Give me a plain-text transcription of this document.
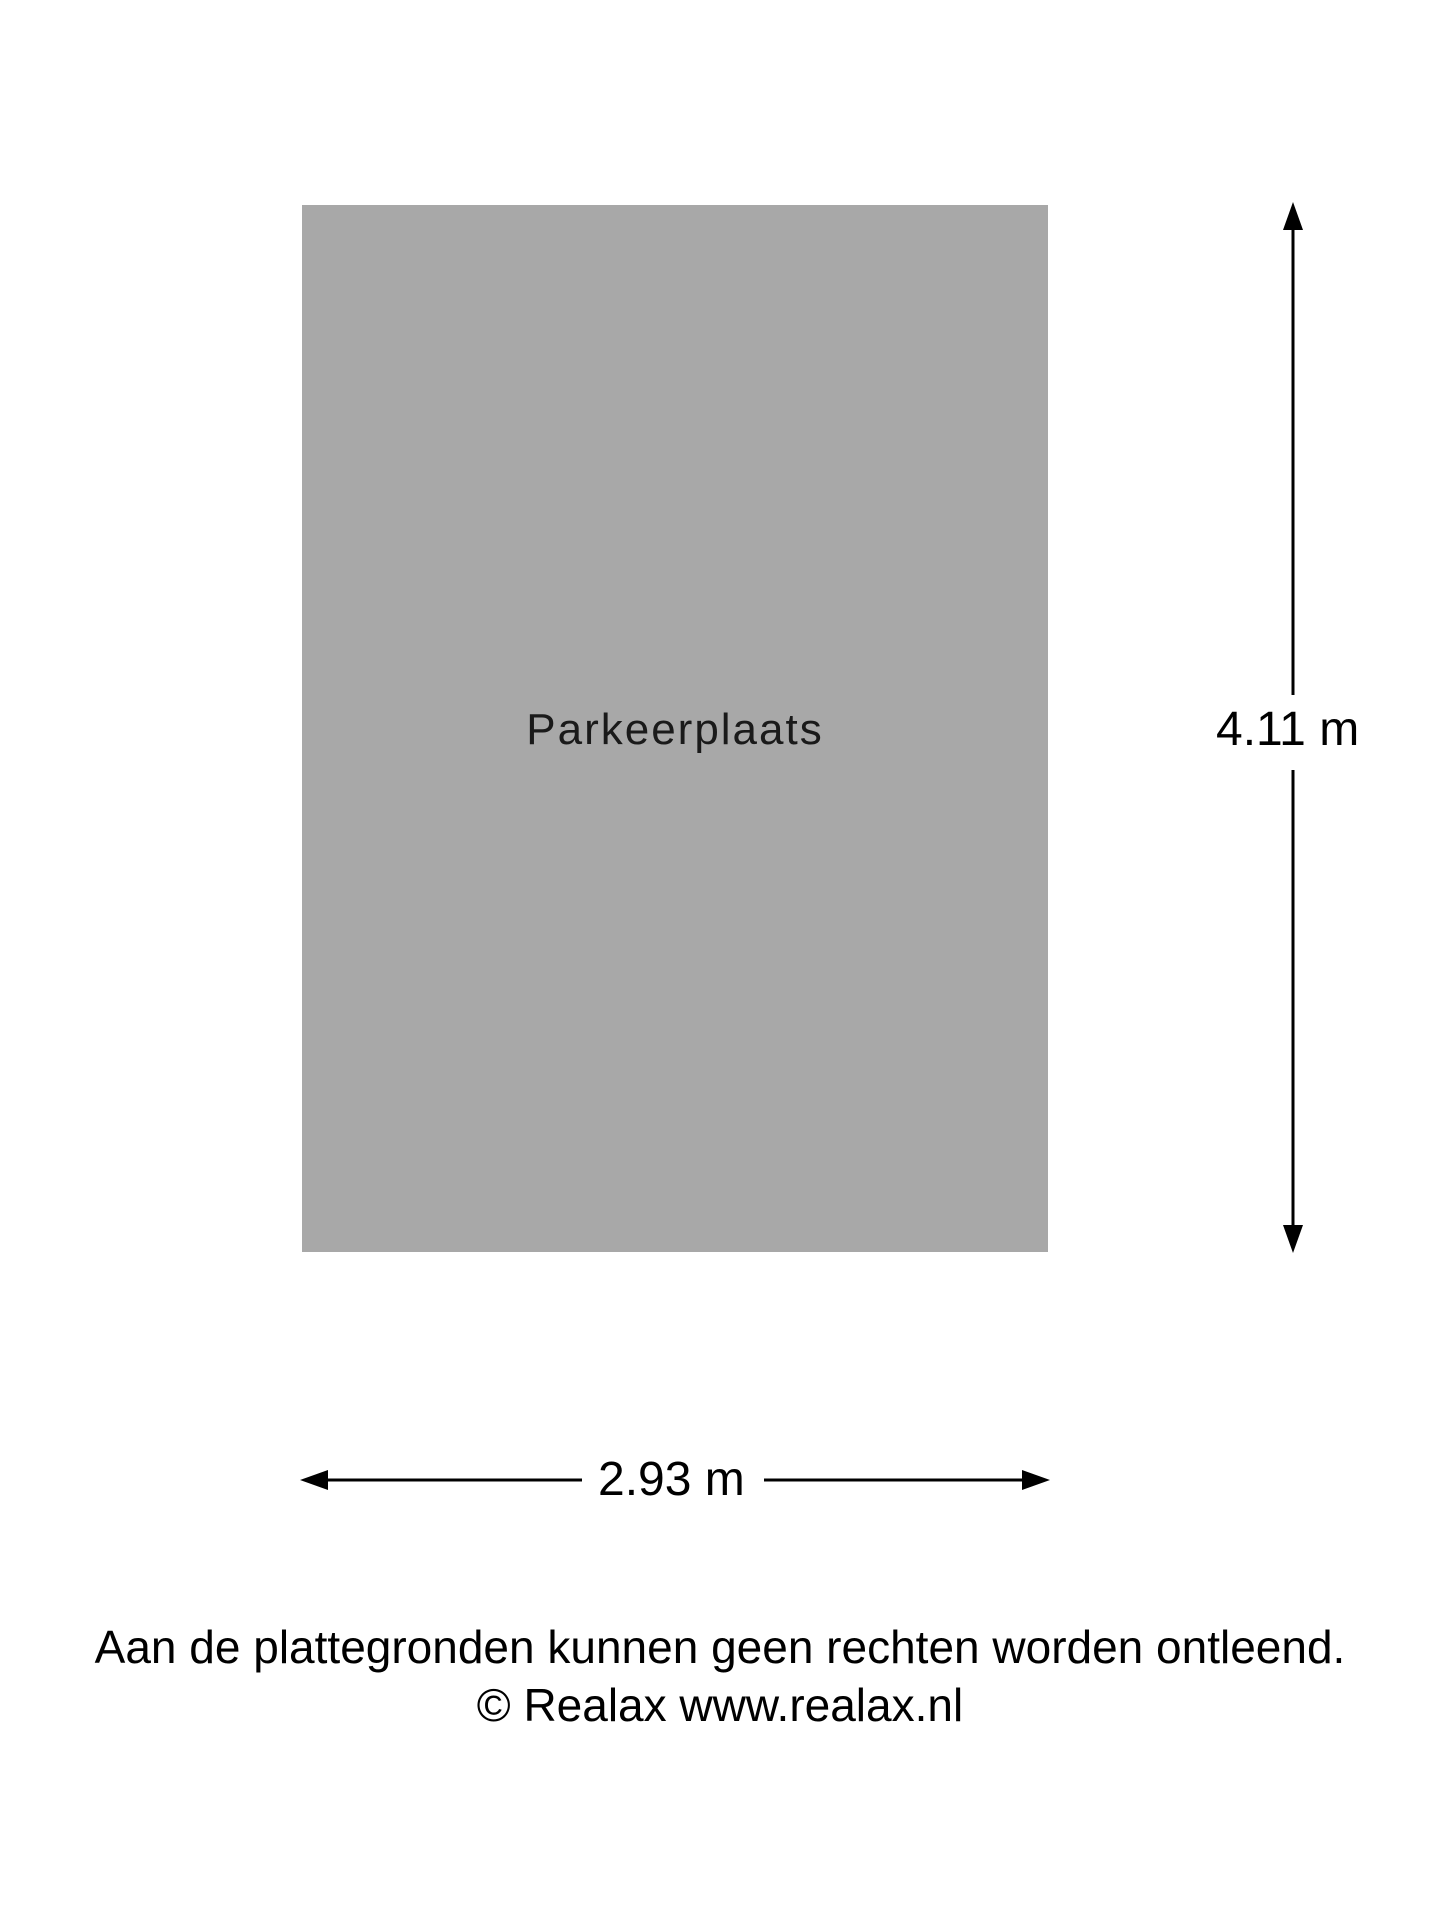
Parkeerplaats	4.11 m
2.93 m
Aan de plattegronden kunnen geen rechten worden ontleend.
© Realax www.realax.nl
